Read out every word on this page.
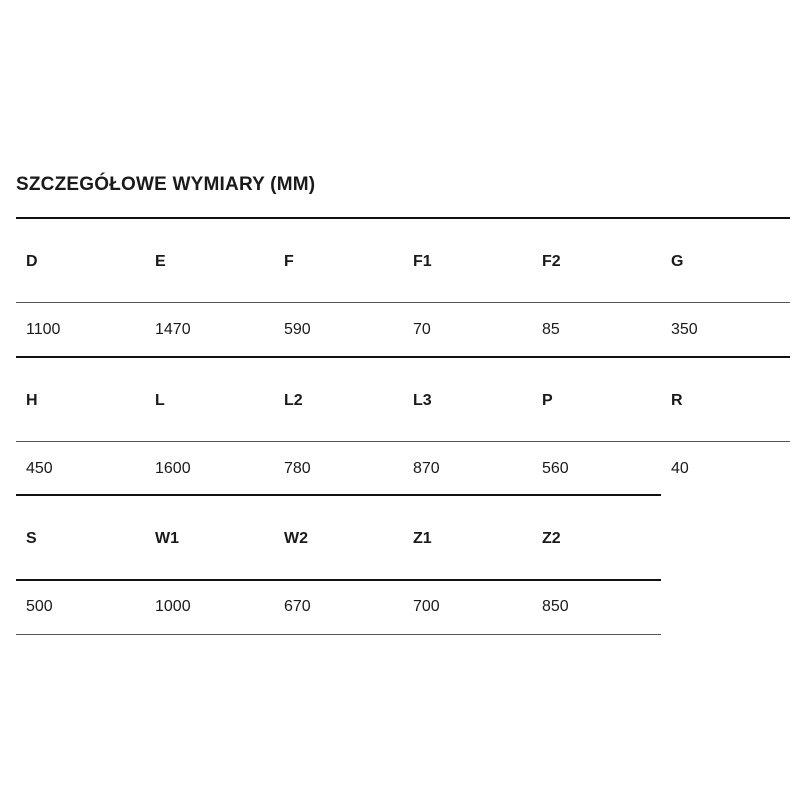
SZCZEGÓŁOWE WYMIARY (MM)
D	E	F	F1	F2	G
1100	1470	590	70	85	350
H	L	L2	L3	P	R
450	1600	780	870	560	40
S	W1	W2	Z1	Z2
500	1000	670	700	850
